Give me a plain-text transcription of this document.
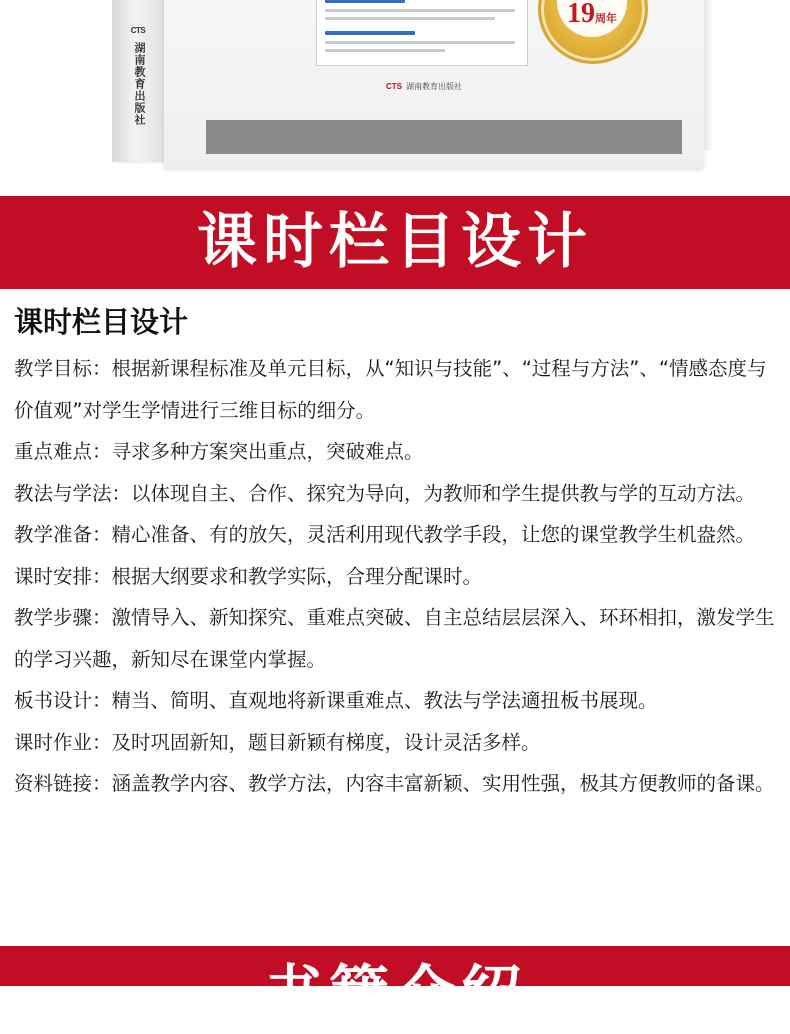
CTS
湖南教育出版社	CTS 湖南教育出版社
19周年
课时栏目设计
课时栏目设计

教学目标：根据新课程标准及单元目标，从“知识与技能”、“过程与方法”、“情感态度与价值观”对学生学情进行三维目标的细分。

重点难点：寻求多种方案突出重点，突破难点。

教法与学法：以体现自主、合作、探究为导向，为教师和学生提供教与学的互动方法。

教学准备：精心准备、有的放矢，灵活利用现代教学手段，让您的课堂教学生机盎然。

课时安排：根据大纲要求和教学实际，合理分配课时。

教学步骤：激情导入、新知探究、重难点突破、自主总结层层深入、环环相扣，激发学生的学习兴趣，新知尽在课堂内掌握。

板书设计：精当、简明、直观地将新课重难点、教法与学法適扭板书展现。

课时作业：及时巩固新知，题目新颖有梯度，设计灵活多样。

资料链接：涵盖教学内容、教学方法，内容丰富新颖、实用性强，极其方便教师的备课。

书籍介绍
